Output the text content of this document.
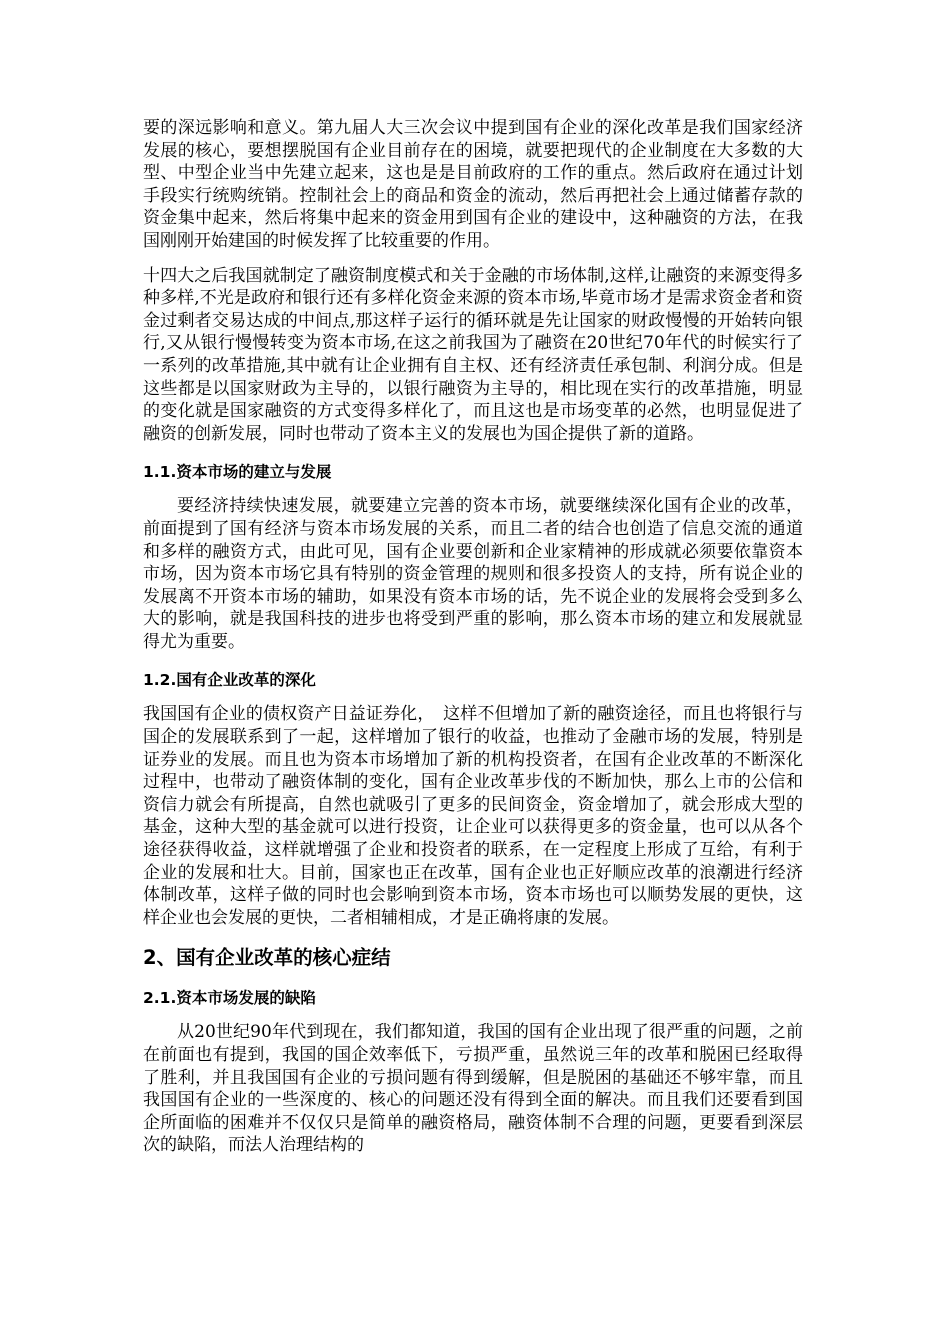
要的深远影响和意义。第九届人大三次会议中提到国有企业的深化改革是我们国家经济发展的核心，要想摆脱国有企业目前存在的困境，就要把现代的企业制度在大多数的大型、中型企业当中先建立起来，这也是是目前政府的工作的重点。然后政府在通过计划手段实行统购统销。控制社会上的商品和资金的流动，然后再把社会上通过储蓄存款的资金集中起来，然后将集中起来的资金用到国有企业的建设中，这种融资的方法，在我国刚刚开始建国的时候发挥了比较重要的作用。

十四大之后我国就制定了融资制度模式和关于金融的市场体制,这样,让融资的来源变得多种多样,不光是政府和银行还有多样化资金来源的资本市场,毕竟市场才是需求资金者和资金过剩者交易达成的中间点,那这样子运行的循环就是先让国家的财政慢慢的开始转向银行,又从银行慢慢转变为资本市场,在这之前我国为了融资在20世纪70年代的时候实行了一系列的改革措施,其中就有让企业拥有自主权、还有经济责任承包制、利润分成。但是这些都是以国家财政为主导的，以银行融资为主导的，相比现在实行的改革措施，明显的变化就是国家融资的方式变得多样化了，而且这也是市场变革的必然，也明显促进了融资的创新发展，同时也带动了资本主义的发展也为国企提供了新的道路。

1.1.资本市场的建立与发展

要经济持续快速发展，就要建立完善的资本市场，就要继续深化国有企业的改革，前面提到了国有经济与资本市场发展的关系，而且二者的结合也创造了信息交流的通道和多样的融资方式，由此可见，国有企业要创新和企业家精神的形成就必须要依靠资本市场，因为资本市场它具有特别的资金管理的规则和很多投资人的支持，所有说企业的发展离不开资本市场的辅助，如果没有资本市场的话，先不说企业的发展将会受到多么大的影响，就是我国科技的进步也将受到严重的影响，那么资本市场的建立和发展就显得尤为重要。

1.2.国有企业改革的深化

我国国有企业的债权资产日益证券化，　这样不但增加了新的融资途径，而且也将银行与国企的发展联系到了一起，这样增加了银行的收益，也推动了金融市场的发展，特别是证券业的发展。而且也为资本市场增加了新的机构投资者，在国有企业改革的不断深化过程中，也带动了融资体制的变化，国有企业改革步伐的不断加快，那么上市的公信和资信力就会有所提高，自然也就吸引了更多的民间资金，资金增加了，就会形成大型的基金，这种大型的基金就可以进行投资，让企业可以获得更多的资金量，也可以从各个途径获得收益，这样就增强了企业和投资者的联系，在一定程度上形成了互给，有利于企业的发展和壮大。目前，国家也正在改革，国有企业也正好顺应改革的浪潮进行经济体制改革，这样子做的同时也会影响到资本市场，资本市场也可以顺势发展的更快，这样企业也会发展的更快，二者相辅相成，才是正确将康的发展。

2、国有企业改革的核心症结
2.1.资本市场发展的缺陷

从20世纪90年代到现在，我们都知道，我国的国有企业出现了很严重的问题，之前在前面也有提到，我国的国企效率低下，亏损严重，虽然说三年的改革和脱困已经取得了胜利，并且我国国有企业的亏损问题有得到缓解，但是脱困的基础还不够牢靠，而且我国国有企业的一些深度的、核心的问题还没有得到全面的解决。而且我们还要看到国企所面临的困难并不仅仅只是简单的融资格局，融资体制不合理的问题，更要看到深层次的缺陷，而法人治理结构的
